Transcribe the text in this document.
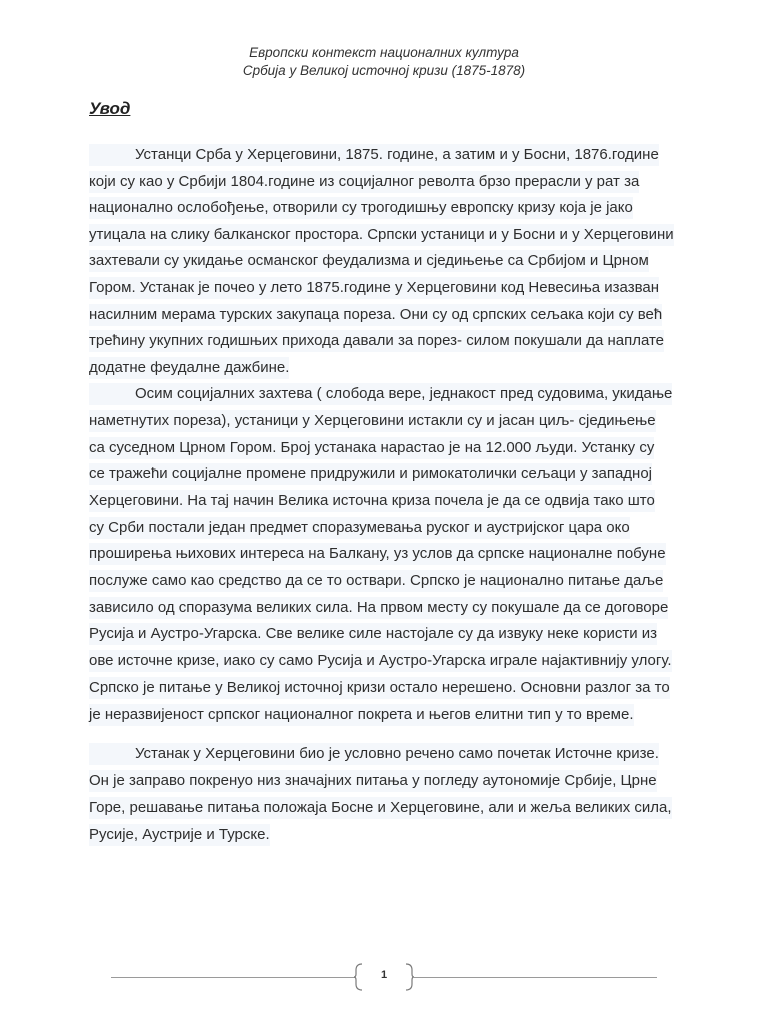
Европски контекст националних култура
Србија у Великој источној кризи (1875-1878)
Увод
Устанци Срба у Херцеговини, 1875. године, а затим и у Босни, 1876.године
који су као у Србији 1804.године из социјалног револта брзо прерасли у рат за
национално ослобођење, отворили су трогодишњу европску кризу која је јако
утицала на слику балканског простора. Српски устаници и у Босни и у Херцеговини
захтевали су укидање османског феудализма и сједињење са Србијом и Црном
Гором. Устанак је почео у лето 1875.године у Херцеговини код Невесиња изазван
насилним мерама турских закупаца пореза. Они су од српских сељака који су већ
трећину укупних годишњих прихода давали за порез- силом покушали да наплате
додатне феудалне дажбине.
Осим социјалних захтева ( слобода вере, једнакост пред судовима, укидање
наметнутих пореза), устаници у Херцеговини истакли су и јасан циљ- сједињење
са суседном Црном Гором. Број устанака нарастао је на 12.000 људи. Устанку су
се тражећи социјалне промене придружили и римокатолички сељаци у западној
Херцеговини. На тај начин Велика источна криза почела је да се одвија тако што
су Срби постали један предмет споразумевања руског и аустријског цара око
проширења њихових интереса на Балкану, уз услов да српске националне побуне
послуже само као средство да се то оствари. Српско је национално питање даље
зависило од споразума великих сила. На првом месту су покушале да се договоре
Русија и Аустро-Угарска. Све велике силе настојале су да извуку неке користи из
ове источне кризе, иако су само Русија и Аустро-Угарска играле најактивнију улогу.
Српско је питање у Великој источној кризи остало нерешено. Основни разлог за то
је неразвијеност српског националног покрета и његов елитни тип у то време.
Устанак у Херцеговини био је условно речено само почетак Источне кризе.
Он је заправо покренуо низ значајних питања у погледу аутономије Србије, Црне
Горе, решавање питања положаја Босне и Херцеговине, али и жеља великих сила,
Русије, Аустрије и Турске.
1
